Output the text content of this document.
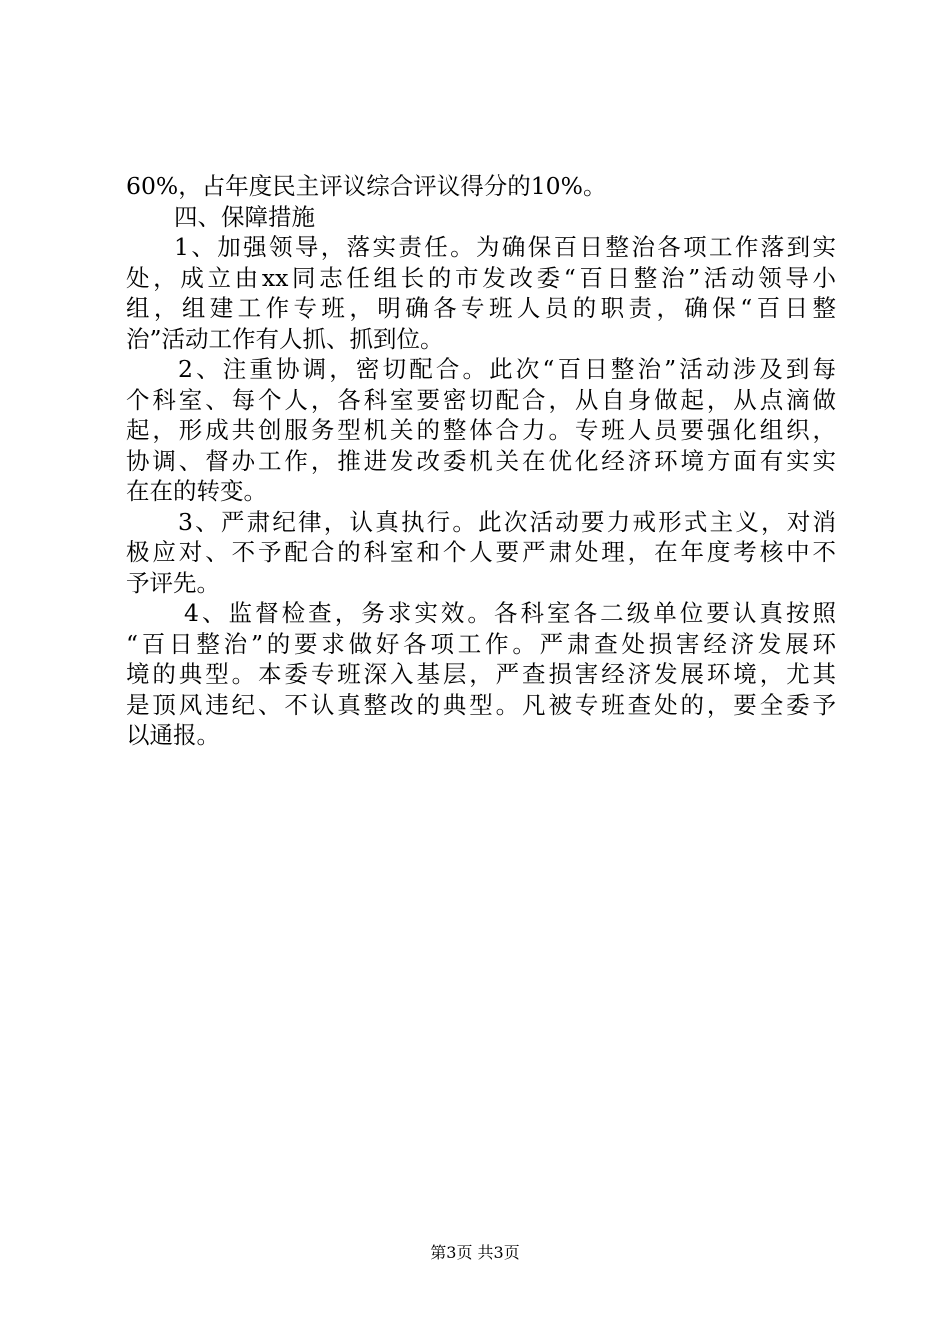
60%，占年度民主评议综合评议得分的10%。
四、保障措施
1、加强领导，落实责任。为确保百日整治各项工作落到实
处，成立由xx同志任组长的市发改委“百日整治”活动领导小
组，组建工作专班，明确各专班人员的职责，确保“百日整
治”活动工作有人抓、抓到位。
2、注重协调，密切配合。此次“百日整治”活动涉及到每
个科室、每个人，各科室要密切配合，从自身做起，从点滴做
起，形成共创服务型机关的整体合力。专班人员要强化组织，
协调、督办工作，推进发改委机关在优化经济环境方面有实实
在在的转变。
3、严肃纪律，认真执行。此次活动要力戒形式主义，对消
极应对、不予配合的科室和个人要严肃处理，在年度考核中不
予评先。
4、监督检查，务求实效。各科室各二级单位要认真按照
“百日整治”的要求做好各项工作。严肃查处损害经济发展环
境的典型。本委专班深入基层，严查损害经济发展环境，尤其
是顶风违纪、不认真整改的典型。凡被专班查处的，要全委予
以通报。
第3页 共3页
